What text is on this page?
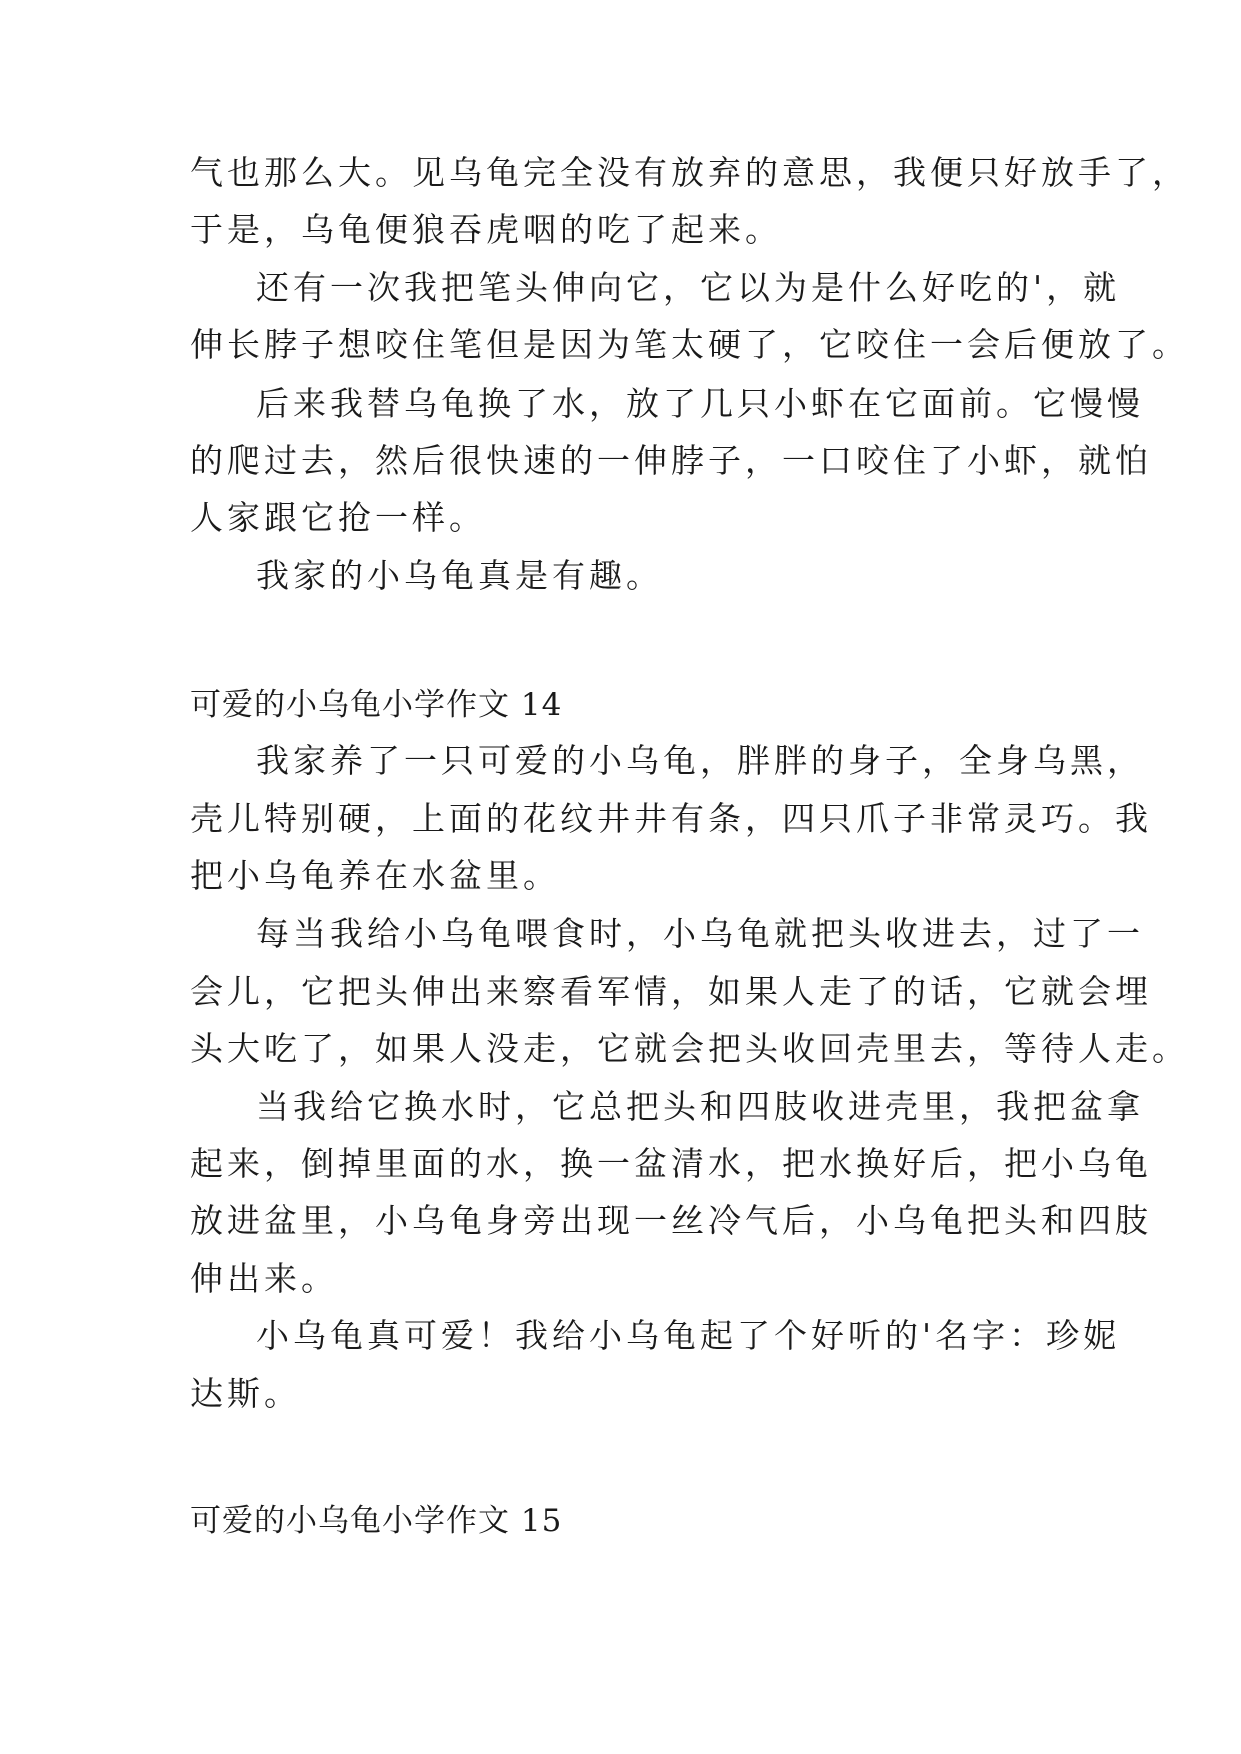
气也那么大。见乌龟完全没有放弃的意思，我便只好放手了，
于是，乌龟便狼吞虎咽的吃了起来。
还有一次我把笔头伸向它，它以为是什么好吃的'，就
伸长脖子想咬住笔但是因为笔太硬了，它咬住一会后便放了。
后来我替乌龟换了水，放了几只小虾在它面前。它慢慢
的爬过去，然后很快速的一伸脖子，一口咬住了小虾，就怕
人家跟它抢一样。
我家的小乌龟真是有趣。
可爱的小乌龟小学作文 14
我家养了一只可爱的小乌龟，胖胖的身子，全身乌黑，
壳儿特别硬，上面的花纹井井有条，四只爪子非常灵巧。我
把小乌龟养在水盆里。
每当我给小乌龟喂食时，小乌龟就把头收进去，过了一
会儿，它把头伸出来察看军情，如果人走了的话，它就会埋
头大吃了，如果人没走，它就会把头收回壳里去，等待人走。
当我给它换水时，它总把头和四肢收进壳里，我把盆拿
起来，倒掉里面的水，换一盆清水，把水换好后，把小乌龟
放进盆里，小乌龟身旁出现一丝冷气后，小乌龟把头和四肢
伸出来。
小乌龟真可爱！我给小乌龟起了个好听的'名字：珍妮
达斯。
可爱的小乌龟小学作文 15
